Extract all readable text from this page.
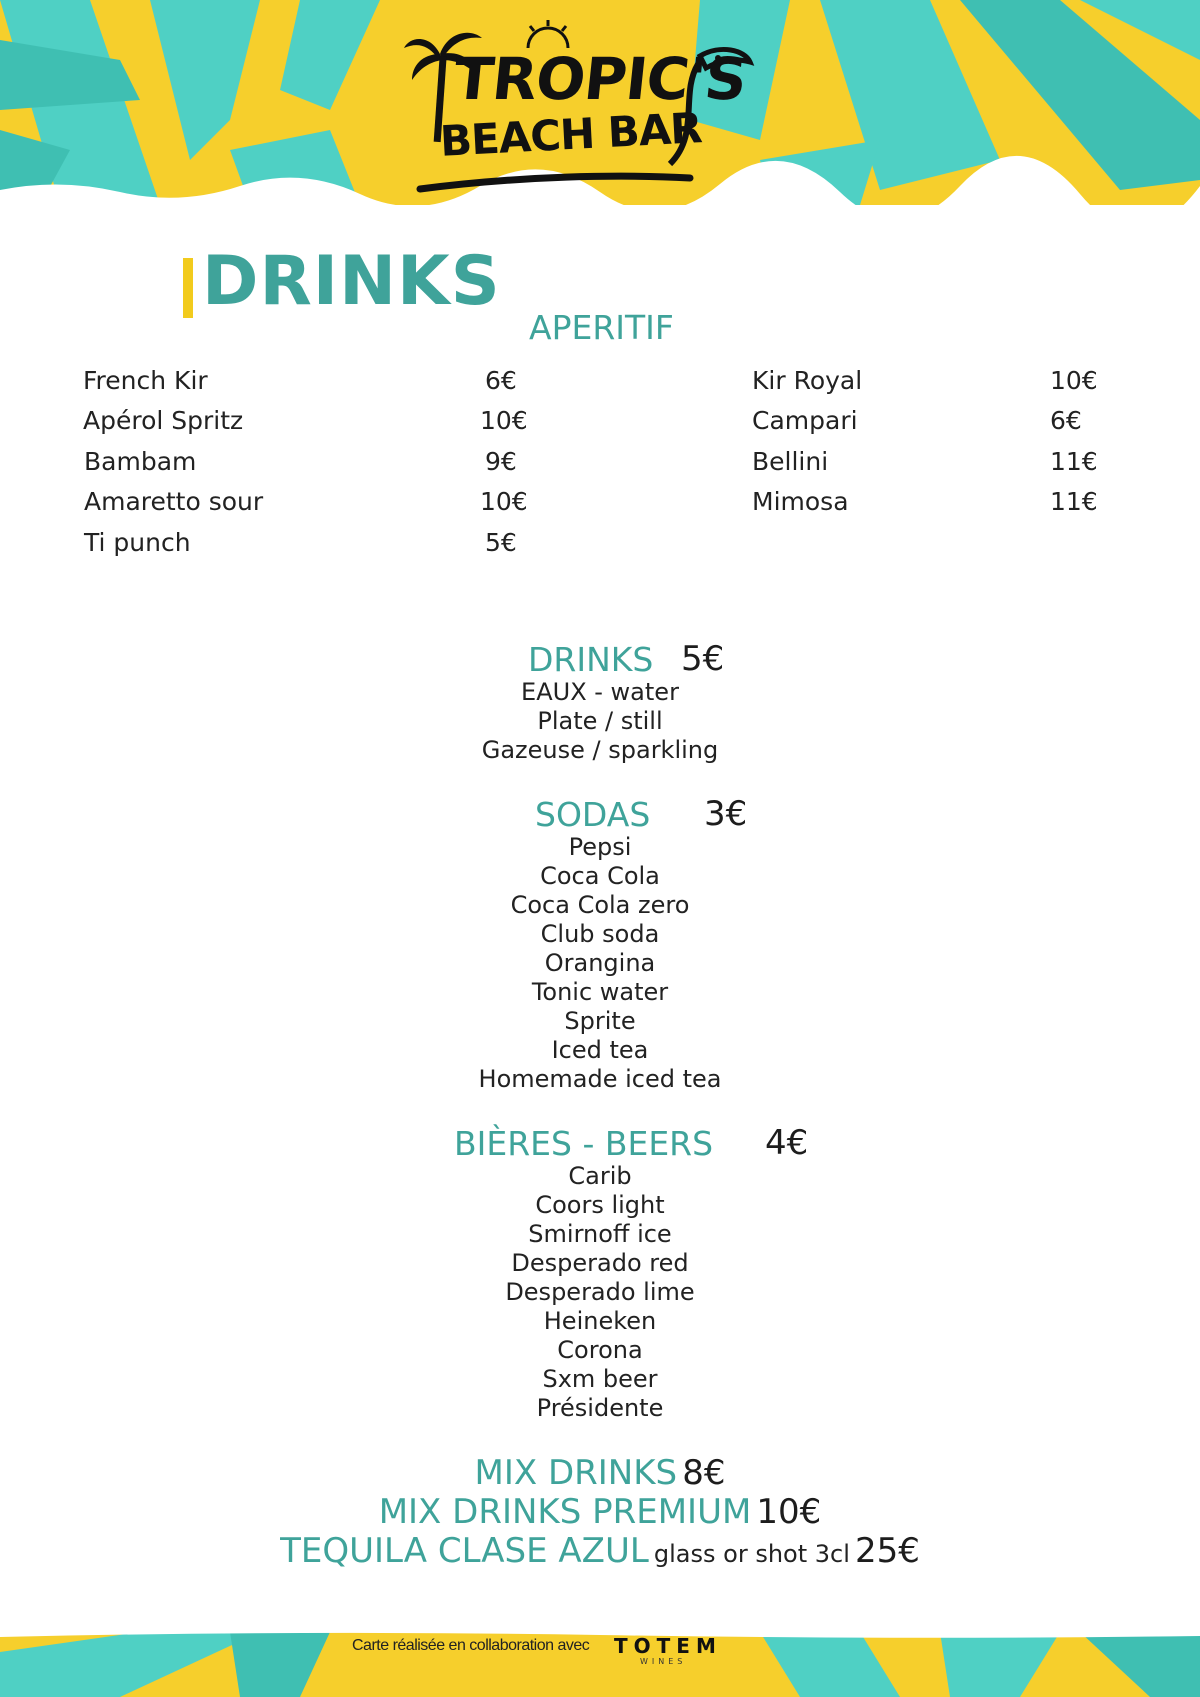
TROPIC'S
BEACH BAR
DRINKS
APERITIF
French Kir	6€
Apérol Spritz	10€
Bambam	9€
Amaretto sour	10€
Ti punch	5€
Kir Royal	10€
Campari	6€
Bellini	11€
Mimosa	11€
DRINKS 5€
EAUX - water
Plate / still
Gazeuse / sparkling
SODAS 3€
Pepsi
Coca Cola
Coca Cola zero
Club soda
Orangina
Tonic water
Sprite
Iced tea
Homemade iced tea
BIÈRES - BEERS 4€
Carib
Coors light
Smirnoff ice
Desperado red
Desperado lime
Heineken
Corona
Sxm beer
Présidente
MIX DRINKS 8€
MIX DRINKS PREMIUM 10€
TEQUILA CLASE AZUL glass or shot 3cl 25€
Carte réalisée en collaboration avec TOTEM
WINES
